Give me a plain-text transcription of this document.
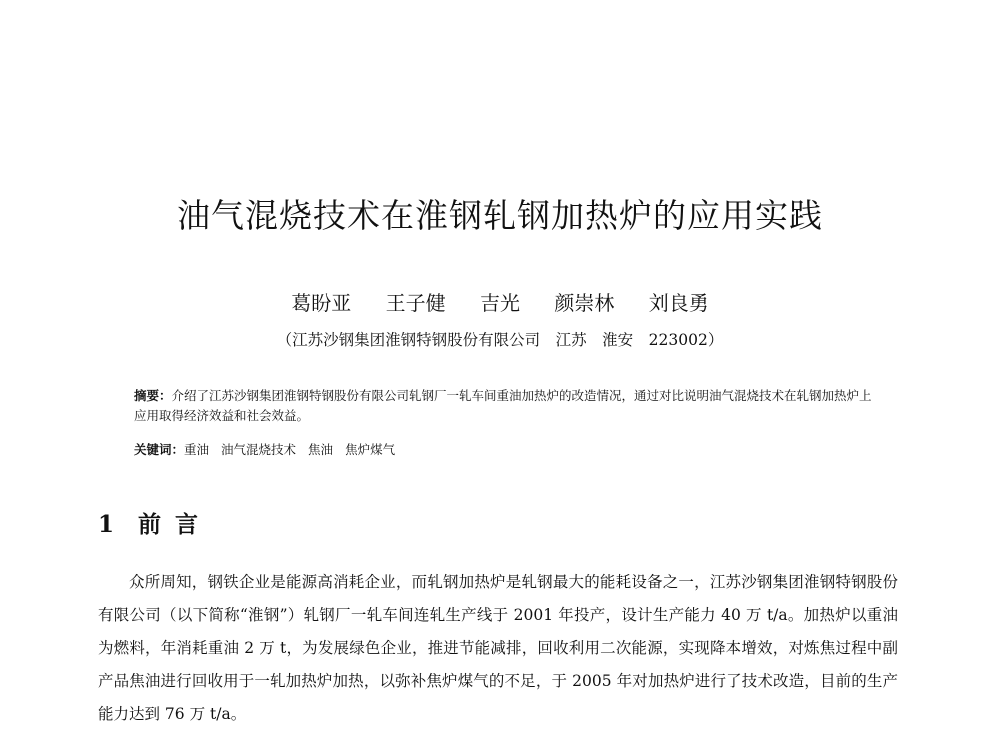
油气混烧技术在淮钢轧钢加热炉的应用实践
葛盼亚 王子健 吉光 颜崇林 刘良勇
（江苏沙钢集团淮钢特钢股份有限公司　江苏　淮安　223002）
摘要：介绍了江苏沙钢集团淮钢特钢股份有限公司轧钢厂一轧车间重油加热炉的改造情况，通过对比说明油气混烧技术在轧钢加热炉上应用取得经济效益和社会效益。
关键词：重油 油气混烧技术 焦油 焦炉煤气
1 前言
众所周知，钢铁企业是能源高消耗企业，而轧钢加热炉是轧钢最大的能耗设备之一，江苏沙钢集团淮钢特钢股份有限公司（以下简称“淮钢”）轧钢厂一轧车间连轧生产线于 2001 年投产，设计生产能力 40 万 t/a。加热炉以重油为燃料，年消耗重油 2 万 t，为发展绿色企业，推进节能减排，回收利用二次能源，实现降本增效，对炼焦过程中副产品焦油进行回收用于一轧加热炉加热，以弥补焦炉煤气的不足，于 2005 年对加热炉进行了技术改造，目前的生产能力达到 76 万 t/a。
